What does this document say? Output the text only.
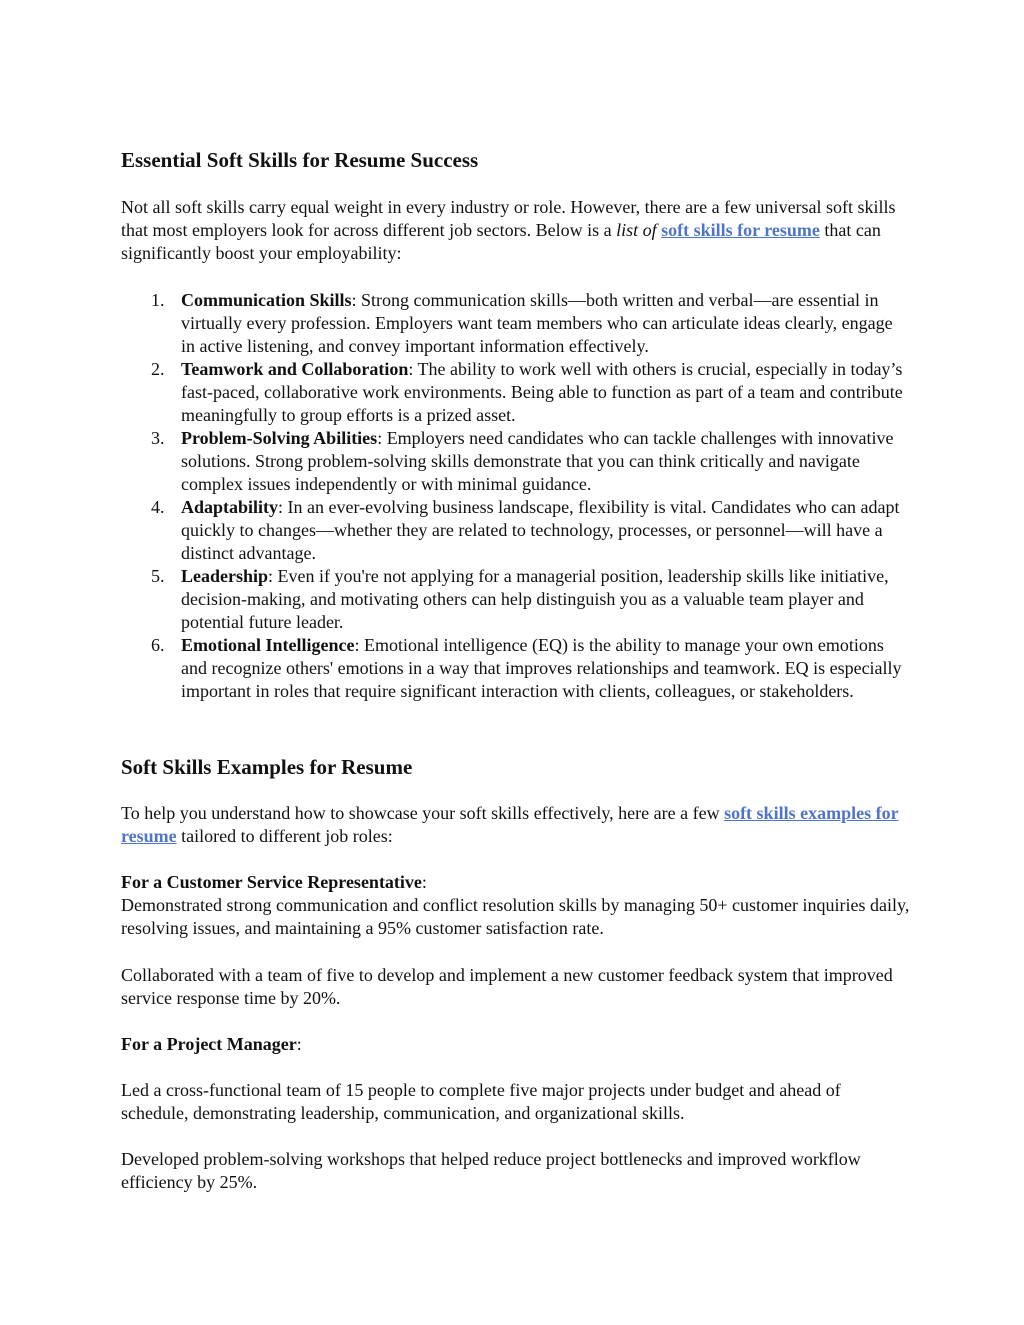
Essential Soft Skills for Resume Success

Not all soft skills carry equal weight in every industry or role. However, there are a few universal soft skills that most employers look for across different job sectors. Below is a list of soft skills for resume that can significantly boost your employability:

1. Communication Skills: Strong communication skills—both written and verbal—are essential in virtually every profession. Employers want team members who can articulate ideas clearly, engage in active listening, and convey important information effectively.
2. Teamwork and Collaboration: The ability to work well with others is crucial, especially in today’s fast-paced, collaborative work environments. Being able to function as part of a team and contribute meaningfully to group efforts is a prized asset.
3. Problem-Solving Abilities: Employers need candidates who can tackle challenges with innovative solutions. Strong problem-solving skills demonstrate that you can think critically and navigate complex issues independently or with minimal guidance.
4. Adaptability: In an ever-evolving business landscape, flexibility is vital. Candidates who can adapt quickly to changes—whether they are related to technology, processes, or personnel—will have a distinct advantage.
5. Leadership: Even if you're not applying for a managerial position, leadership skills like initiative, decision-making, and motivating others can help distinguish you as a valuable team player and potential future leader.
6. Emotional Intelligence: Emotional intelligence (EQ) is the ability to manage your own emotions and recognize others' emotions in a way that improves relationships and teamwork. EQ is especially important in roles that require significant interaction with clients, colleagues, or stakeholders.
Soft Skills Examples for Resume

To help you understand how to showcase your soft skills effectively, here are a few soft skills examples for resume tailored to different job roles:

For a Customer Service Representative:
Demonstrated strong communication and conflict resolution skills by managing 50+ customer inquiries daily, resolving issues, and maintaining a 95% customer satisfaction rate.

Collaborated with a team of five to develop and implement a new customer feedback system that improved service response time by 20%.

For a Project Manager:

Led a cross-functional team of 15 people to complete five major projects under budget and ahead of schedule, demonstrating leadership, communication, and organizational skills.

Developed problem-solving workshops that helped reduce project bottlenecks and improved workflow efficiency by 25%.
